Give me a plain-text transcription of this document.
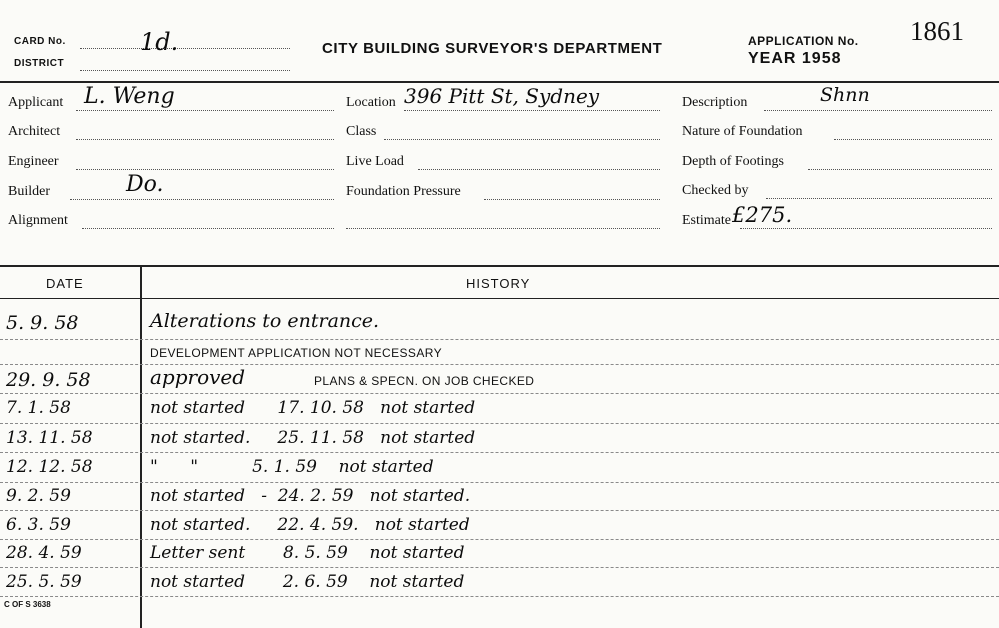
CARD No.	1d.
DISTRICT
CITY BUILDING SURVEYOR'S DEPARTMENT	APPLICATION No. 1861
YEAR 1958
Applicant L. Weng
Architect
Engineer
Builder	Do.
Alignment
Location 396 Pitt St, Sydney
Class
Live Load
Foundation Pressure
Description	Shnn
Nature of Foundation
Depth of Footings
Checked by
Estimate £275.
DATE	HISTORY
5. 9. 58	Alterations to entrance.
DEVELOPMENT APPLICATION NOT NECESSARY
29. 9. 58	approved	PLANS & SPECN. ON JOB CHECKED
7. 1. 58	not started      17. 10. 58   not started
13. 11. 58	not started.     25. 11. 58   not started
12. 12. 58	"      "          5. 1. 59    not started
9. 2. 59	not started   -  24. 2. 59   not started.
6. 3. 59	not started.     22. 4. 59.   not started
28. 4. 59	Letter sent       8. 5. 59    not started
25. 5. 59	not started       2. 6. 59    not started
C OF S 3638
